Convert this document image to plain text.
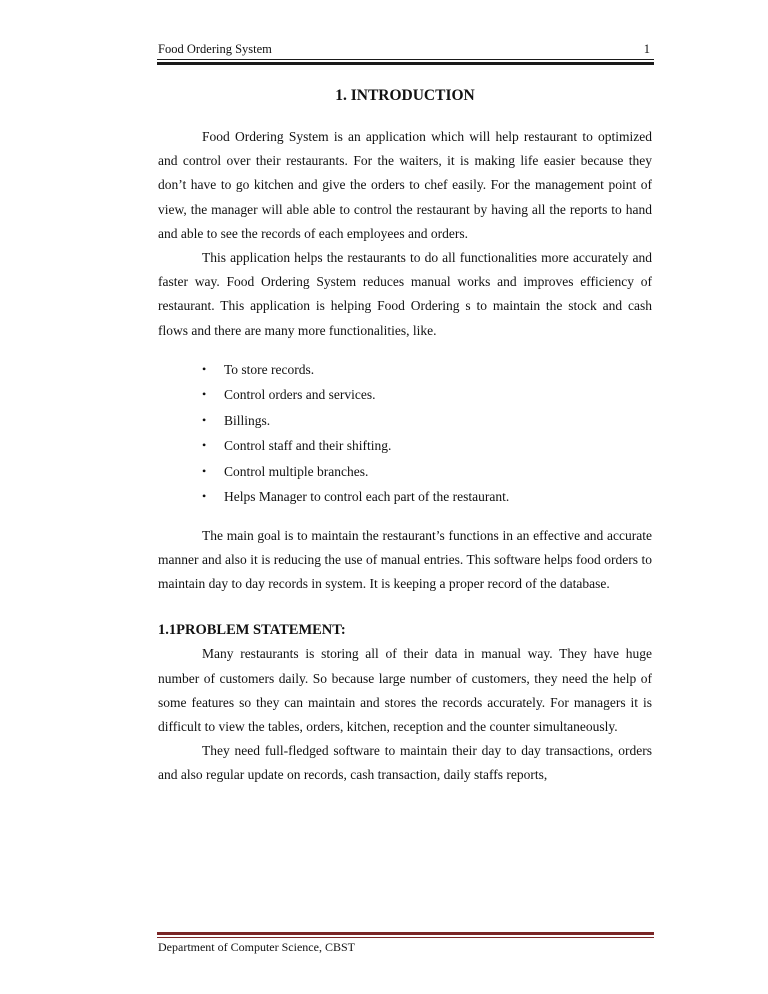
Food Ordering System	1
1. INTRODUCTION

Food Ordering System is an application which will help restaurant to optimized and control over their restaurants. For the waiters, it is making life easier because they don’t have to go kitchen and give the orders to chef easily. For the management point of view, the manager will able able to control the restaurant by having all the reports to hand and able to see the records of each employees and orders.

This application helps the restaurants to do all functionalities more accurately and faster way. Food Ordering System reduces manual works and improves efficiency of restaurant. This application is helping Food Ordering s to maintain the stock and cash flows and there are many more functionalities, like.

• To store records.
• Control orders and services.
• Billings.
• Control staff and their shifting.
• Control multiple branches.
• Helps Manager to control each part of the restaurant.

The main goal is to maintain the restaurant’s functions in an effective and accurate manner and also it is reducing the use of manual entries. This software helps food orders to maintain day to day records in system. It is keeping a proper record of the database.

1.1PROBLEM STATEMENT:

Many restaurants is storing all of their data in manual way. They have huge number of customers daily. So because large number of customers, they need the help of some features so they can maintain and stores the records accurately. For managers it is difficult to view the tables, orders, kitchen, reception and the counter simultaneously.

They need full-fledged software to maintain their day to day transactions, orders and also regular update on records, cash transaction, daily staffs reports,

Department of Computer Science, CBST
